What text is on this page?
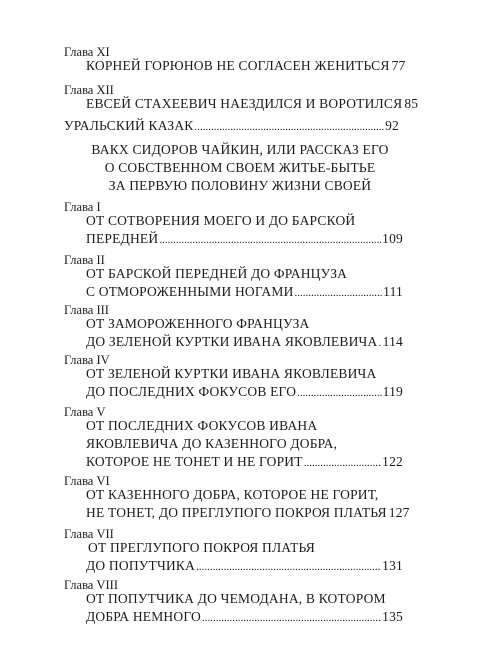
Глава XI
КОРНЕЙ ГОРЮНОВ НЕ СОГЛАСЕН ЖЕНИТЬСЯ 77
Глава XII
ЕВСЕЙ СТАХЕЕВИЧ НАЕЗДИЛСЯ И ВОРОТИЛСЯ 85
УРАЛЬСКИЙ КАЗАК .....	92
ВАКХ СИДОРОВ ЧАЙКИН, ИЛИ РАССКАЗ ЕГО
О СОБСТВЕННОМ СВОЕМ ЖИТЬЕ-БЫТЬЕ
ЗА ПЕРВУЮ ПОЛОВИНУ ЖИЗНИ СВОЕЙ
Глава I
ОТ СОТВОРЕНИЯ МОЕГО И ДО БАРСКОЙ
ПЕРЕДНЕЙ .....	109
Глава II
ОТ БАРСКОЙ ПЕРЕДНЕЙ ДО ФРАНЦУЗА
С ОТМОРОЖЕННЫМИ НОГАМИ .....	111
Глава III
ОТ ЗАМОРОЖЕННОГО ФРАНЦУЗА
ДО ЗЕЛЕНОЙ КУРТКИ ИВАНА ЯКОВЛЕВИЧА ..... 114
Глава IV
ОТ ЗЕЛЕНОЙ КУРТКИ ИВАНА ЯКОВЛЕВИЧА
ДО ПОСЛЕДНИХ ФОКУСОВ ЕГО .....	119
Глава V
ОТ ПОСЛЕДНИХ ФОКУСОВ ИВАНА
ЯКОВЛЕВИЧА ДО КАЗЕННОГО ДОБРА,
КОТОРОЕ НЕ ТОНЕТ И НЕ ГОРИТ .....	122
Глава VI
ОТ КАЗЕННОГО ДОБРА, КОТОРОЕ НЕ ГОРИТ,
НЕ ТОНЕТ, ДО ПРЕГЛУПОГО ПОКРОЯ ПЛАТЬЯ 127
Глава VII
ОТ ПРЕГЛУПОГО ПОКРОЯ ПЛАТЬЯ
ДО ПОПУТЧИКА .....	131
Глава VIII
ОТ ПОПУТЧИКА ДО ЧЕМОДАНА, В КОТОРОМ
ДОБРА НЕМНОГО .....	135
